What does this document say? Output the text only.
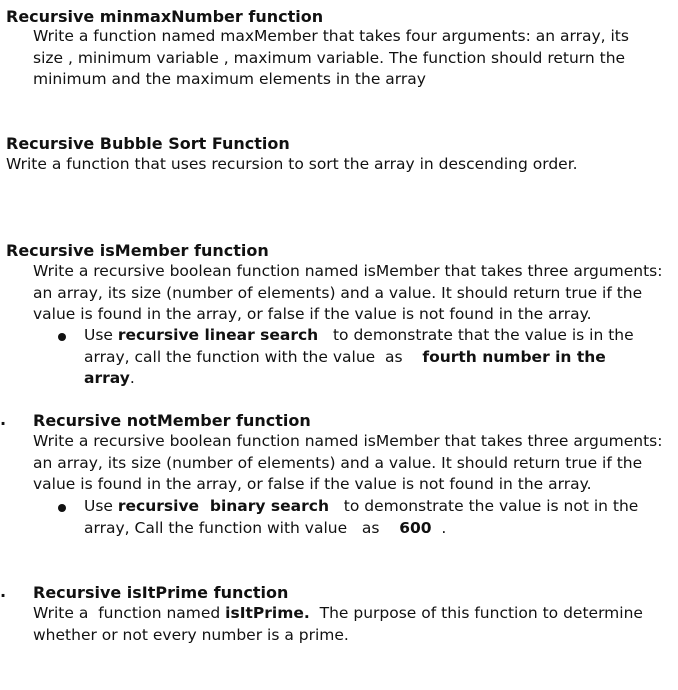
Recursive minmaxNumber function
Write a function named maxMember that takes four arguments: an array, its
size , minimum variable , maximum variable. The function should return the
minimum and the maximum elements in the array
Recursive Bubble Sort Function
Write a function that uses recursion to sort the array in descending order.
Recursive isMember function
Write a recursive boolean function named isMember that takes three arguments:
an array, its size (number of elements) and a value. It should return true if the
value is found in the array, or false if the value is not found in the array.
Use recursive linear search   to demonstrate that the value is in the
array, call the function with the value  as    fourth number in the
array.
. Recursive notMember function
Write a recursive boolean function named isMember that takes three arguments:
an array, its size (number of elements) and a value. It should return true if the
value is found in the array, or false if the value is not found in the array.
Use recursive  binary search   to demonstrate the value is not in the
array, Call the function with value   as    600  .
. Recursive isItPrime function
Write a  function named isItPrime.  The purpose of this function to determine
whether or not every number is a prime.
